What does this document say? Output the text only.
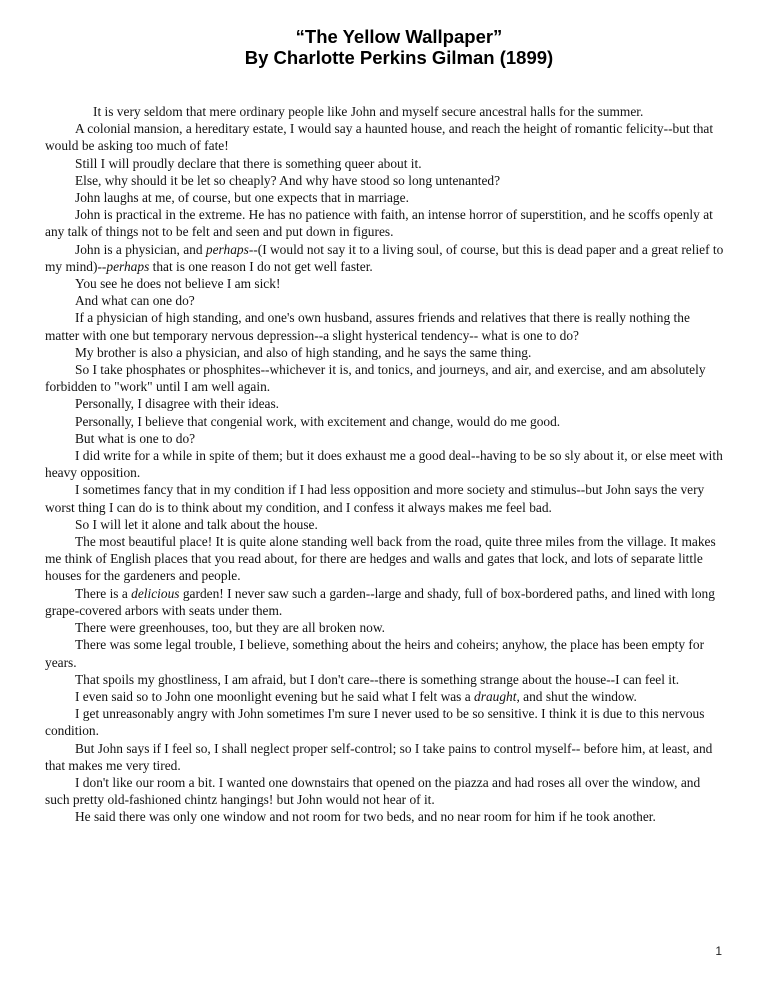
“The Yellow Wallpaper”
By Charlotte Perkins Gilman (1899)

It is very seldom that mere ordinary people like John and myself secure ancestral halls for the summer.

A colonial mansion, a hereditary estate, I would say a haunted house, and reach the height of romantic felicity--but that would be asking too much of fate!

Still I will proudly declare that there is something queer about it.

Else, why should it be let so cheaply? And why have stood so long untenanted?

John laughs at me, of course, but one expects that in marriage.

John is practical in the extreme. He has no patience with faith, an intense horror of superstition, and he scoffs openly at any talk of things not to be felt and seen and put down in figures.

John is a physician, and perhaps--(I would not say it to a living soul, of course, but this is dead paper and a great relief to my mind)--perhaps that is one reason I do not get well faster.

You see he does not believe I am sick!

And what can one do?

If a physician of high standing, and one's own husband, assures friends and relatives that there is really nothing the matter with one but temporary nervous depression--a slight hysterical tendency-- what is one to do?

My brother is also a physician, and also of high standing, and he says the same thing.

So I take phosphates or phosphites--whichever it is, and tonics, and journeys, and air, and exercise, and am absolutely forbidden to "work" until I am well again.

Personally, I disagree with their ideas.

Personally, I believe that congenial work, with excitement and change, would do me good.

But what is one to do?

I did write for a while in spite of them; but it does exhaust me a good deal--having to be so sly about it, or else meet with heavy opposition.

I sometimes fancy that in my condition if I had less opposition and more society and stimulus--but John says the very worst thing I can do is to think about my condition, and I confess it always makes me feel bad.

So I will let it alone and talk about the house.

The most beautiful place! It is quite alone standing well back from the road, quite three miles from the village. It makes me think of English places that you read about, for there are hedges and walls and gates that lock, and lots of separate little houses for the gardeners and people.

There is a delicious garden! I never saw such a garden--large and shady, full of box-bordered paths, and lined with long grape-covered arbors with seats under them.

There were greenhouses, too, but they are all broken now.

There was some legal trouble, I believe, something about the heirs and coheirs; anyhow, the place has been empty for years.

That spoils my ghostliness, I am afraid, but I don't care--there is something strange about the house--I can feel it.

I even said so to John one moonlight evening but he said what I felt was a draught, and shut the window.

I get unreasonably angry with John sometimes I'm sure I never used to be so sensitive. I think it is due to this nervous condition.

But John says if I feel so, I shall neglect proper self-control; so I take pains to control myself-- before him, at least, and that makes me very tired.

I don't like our room a bit. I wanted one downstairs that opened on the piazza and had roses all over the window, and such pretty old-fashioned chintz hangings! but John would not hear of it.

He said there was only one window and not room for two beds, and no near room for him if he took another.

1
